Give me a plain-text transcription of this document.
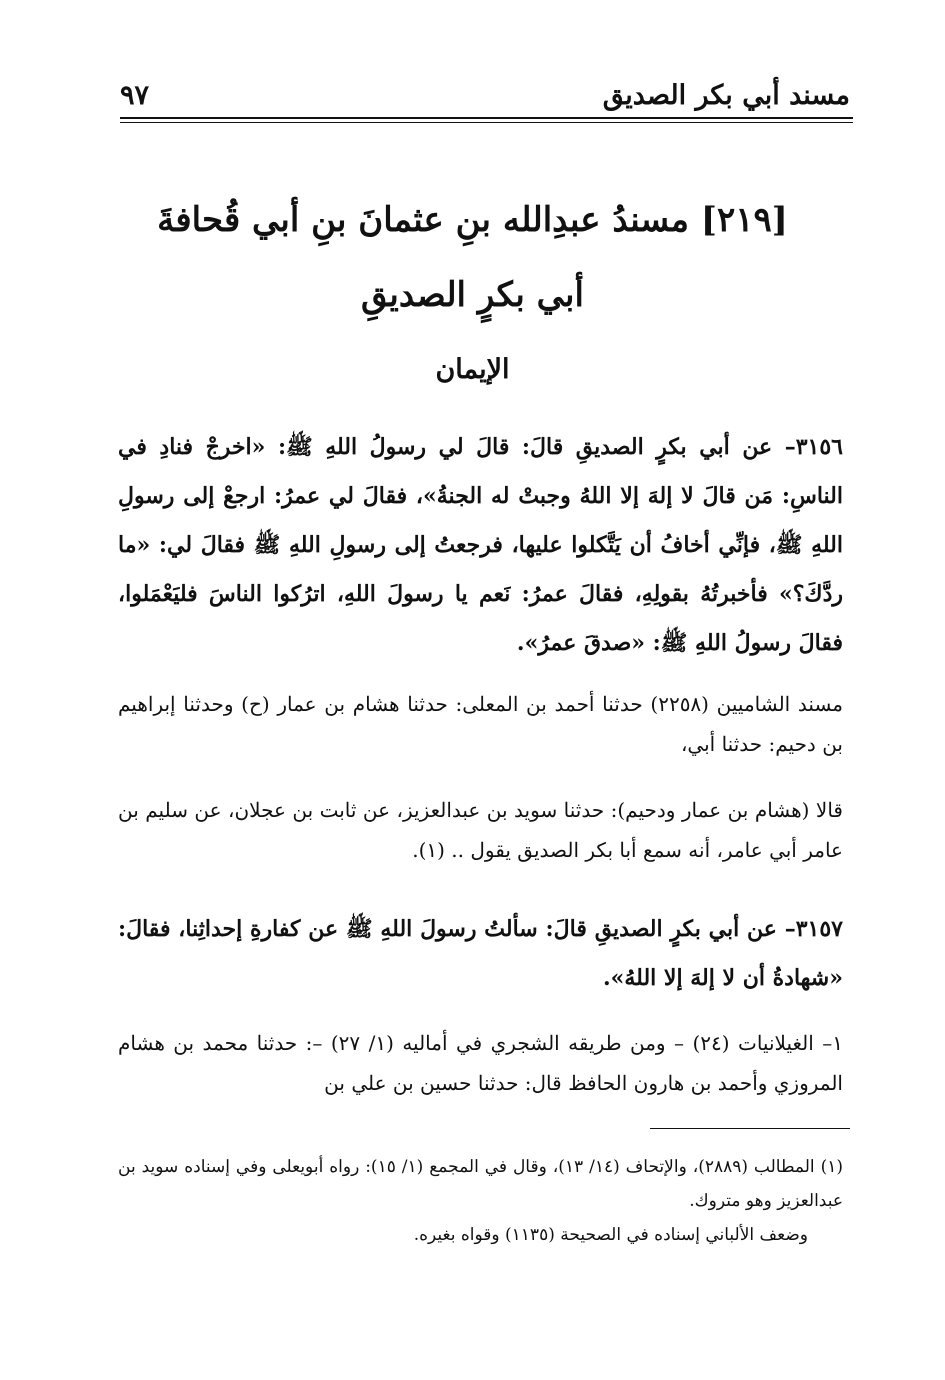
مسند أبي بكر الصديق
٩٧
[٢١٩] مسندُ عبدِالله بنِ عثمانَ بنِ أبي قُحافةَ
أبي بكرٍ الصديقِ
الإيمان

٣١٥٦– عن أبي بكرٍ الصديقِ قالَ: قالَ لي رسولُ اللهِ ﷺ: «اخرجْ فنادِ في الناسِ: مَن قالَ لا إلهَ إلا اللهُ وجبتْ له الجنةُ»، فقالَ لي عمرُ: ارجعْ إلى رسولِ اللهِ ﷺ، فإنِّي أخافُ أن يَتَّكلوا عليها، فرجعتُ إلى رسولِ اللهِ ﷺ فقالَ لي: «ما ردَّكَ؟» فأخبرتُهُ بقولِهِ، فقالَ عمرُ: نَعم يا رسولَ اللهِ، اترُكوا الناسَ فليَعْمَلوا، فقالَ رسولُ اللهِ ﷺ: «صدقَ عمرُ».

مسند الشاميين (٢٢٥٨) حدثنا أحمد بن المعلى: حدثنا هشام بن عمار (ح) وحدثنا إبراهيم بن دحيم: حدثنا أبي،

قالا (هشام بن عمار ودحيم): حدثنا سويد بن عبدالعزيز، عن ثابت بن عجلان، عن سليم بن عامر أبي عامر، أنه سمع أبا بكر الصديق يقول .. (١).

٣١٥٧– عن أبي بكرٍ الصديقِ قالَ: سألتُ رسولَ اللهِ ﷺ عن كفارةِ إحداثِنا، فقالَ: «شهادةُ أن لا إلهَ إلا اللهُ».

١– الغيلانيات (٢٤) – ومن طريقه الشجري في أماليه (١/ ٢٧) –: حدثنا محمد بن هشام المروزي وأحمد بن هارون الحافظ قال: حدثنا حسين بن علي بن

(١) المطالب (٢٨٨٩)، والإتحاف (١٤/ ١٣)، وقال في المجمع (١/ ١٥): رواه أبويعلى وفي إسناده سويد بن عبدالعزيز وهو متروك.

وضعف الألباني إسناده في الصحيحة (١١٣٥) وقواه بغيره.
